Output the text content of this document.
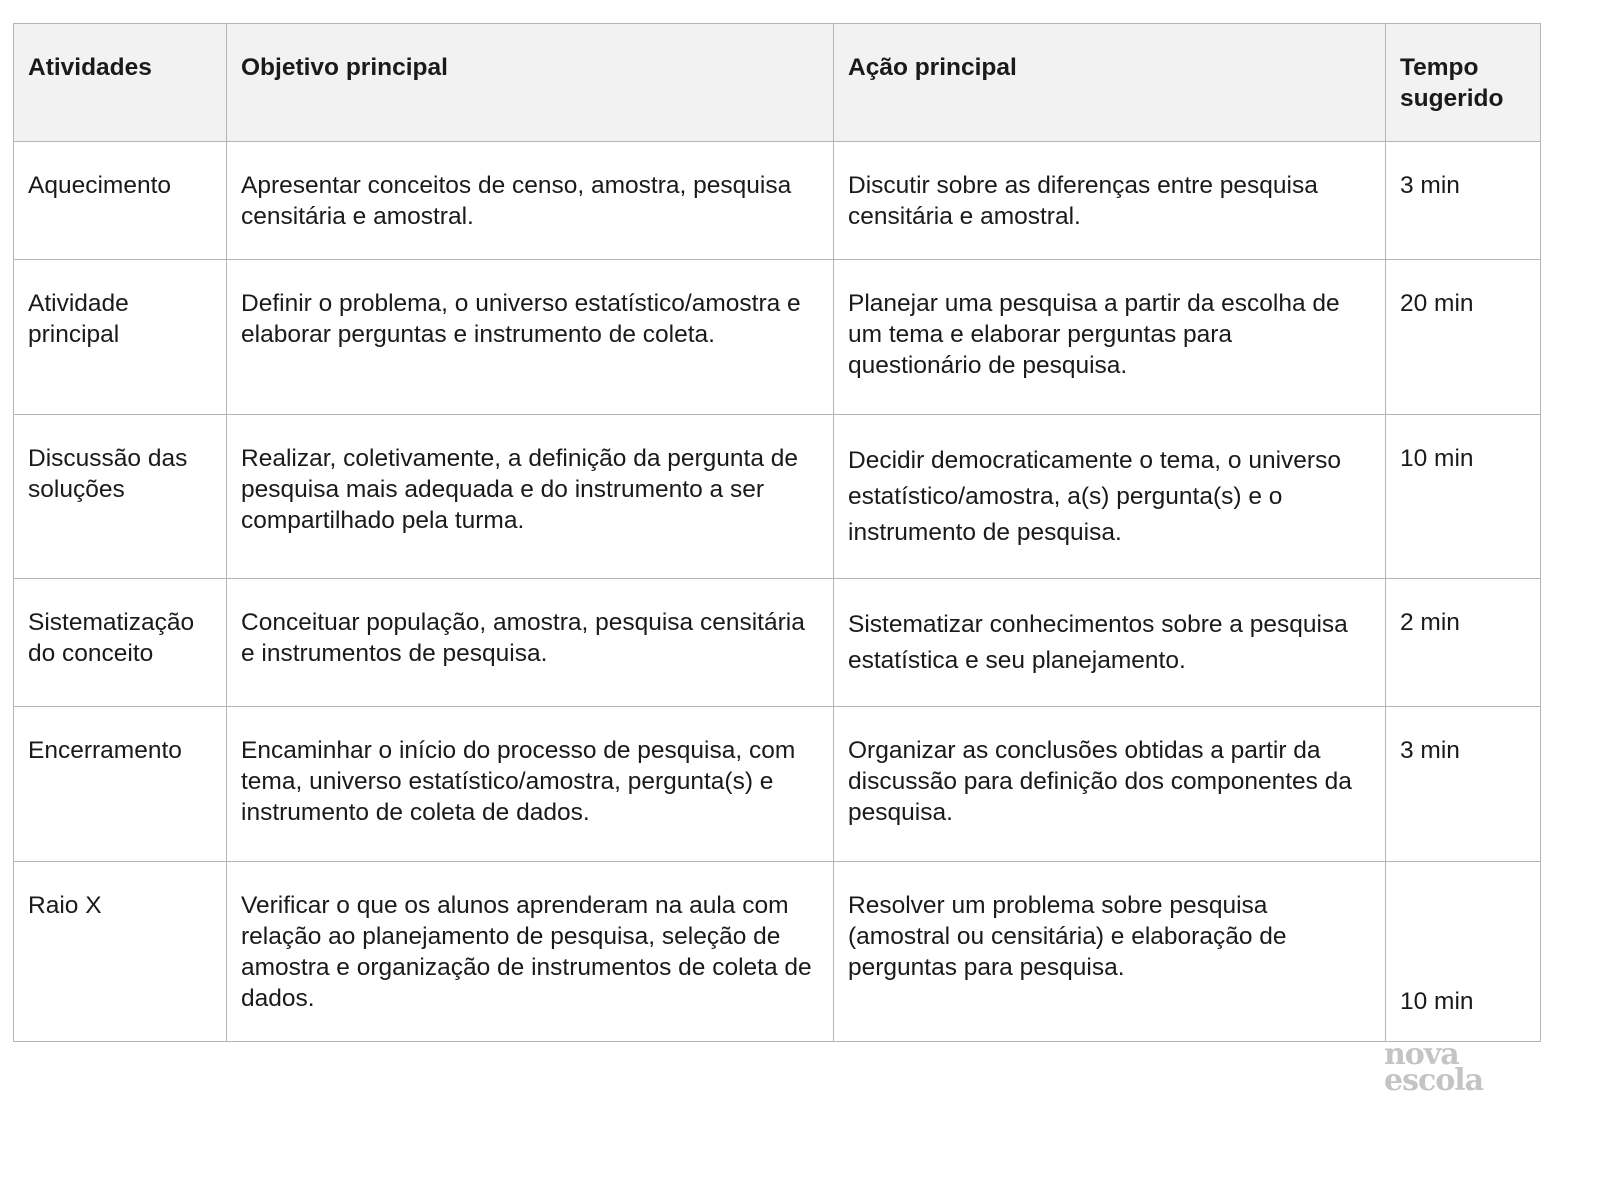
Atividades	Objetivo principal	Ação principal	Tempo sugerido
Aquecimento	Apresentar conceitos de censo, amostra, pesquisa censitária e amostral.	Discutir sobre as diferenças entre pesquisa censitária e amostral.	3 min
Atividade principal	Definir o problema, o universo estatístico/amostra e elaborar perguntas e instrumento de coleta.	Planejar uma pesquisa a partir da escolha de um tema e elaborar perguntas para questionário de pesquisa.	20 min
Discussão das soluções	Realizar, coletivamente, a definição da pergunta de pesquisa mais adequada e do instrumento a ser compartilhado pela turma.	Decidir democraticamente o tema, o universo estatístico/amostra, a(s) pergunta(s) e o instrumento de pesquisa.	10 min
Sistematização do conceito	Conceituar população, amostra, pesquisa censitária e instrumentos de pesquisa.	Sistematizar conhecimentos sobre a pesquisa estatística e seu planejamento.	2 min
Encerramento	Encaminhar o início do processo de pesquisa, com tema, universo estatístico/amostra, pergunta(s) e instrumento de coleta de dados.	Organizar as conclusões obtidas a partir da discussão para definição dos componentes da pesquisa.	3 min
Raio X	Verificar o que os alunos aprenderam na aula com relação ao planejamento de pesquisa, seleção de amostra e organização de instrumentos de coleta de dados.	Resolver um problema sobre pesquisa (amostral ou censitária) e elaboração de perguntas para pesquisa.	10 min
nova
escola
